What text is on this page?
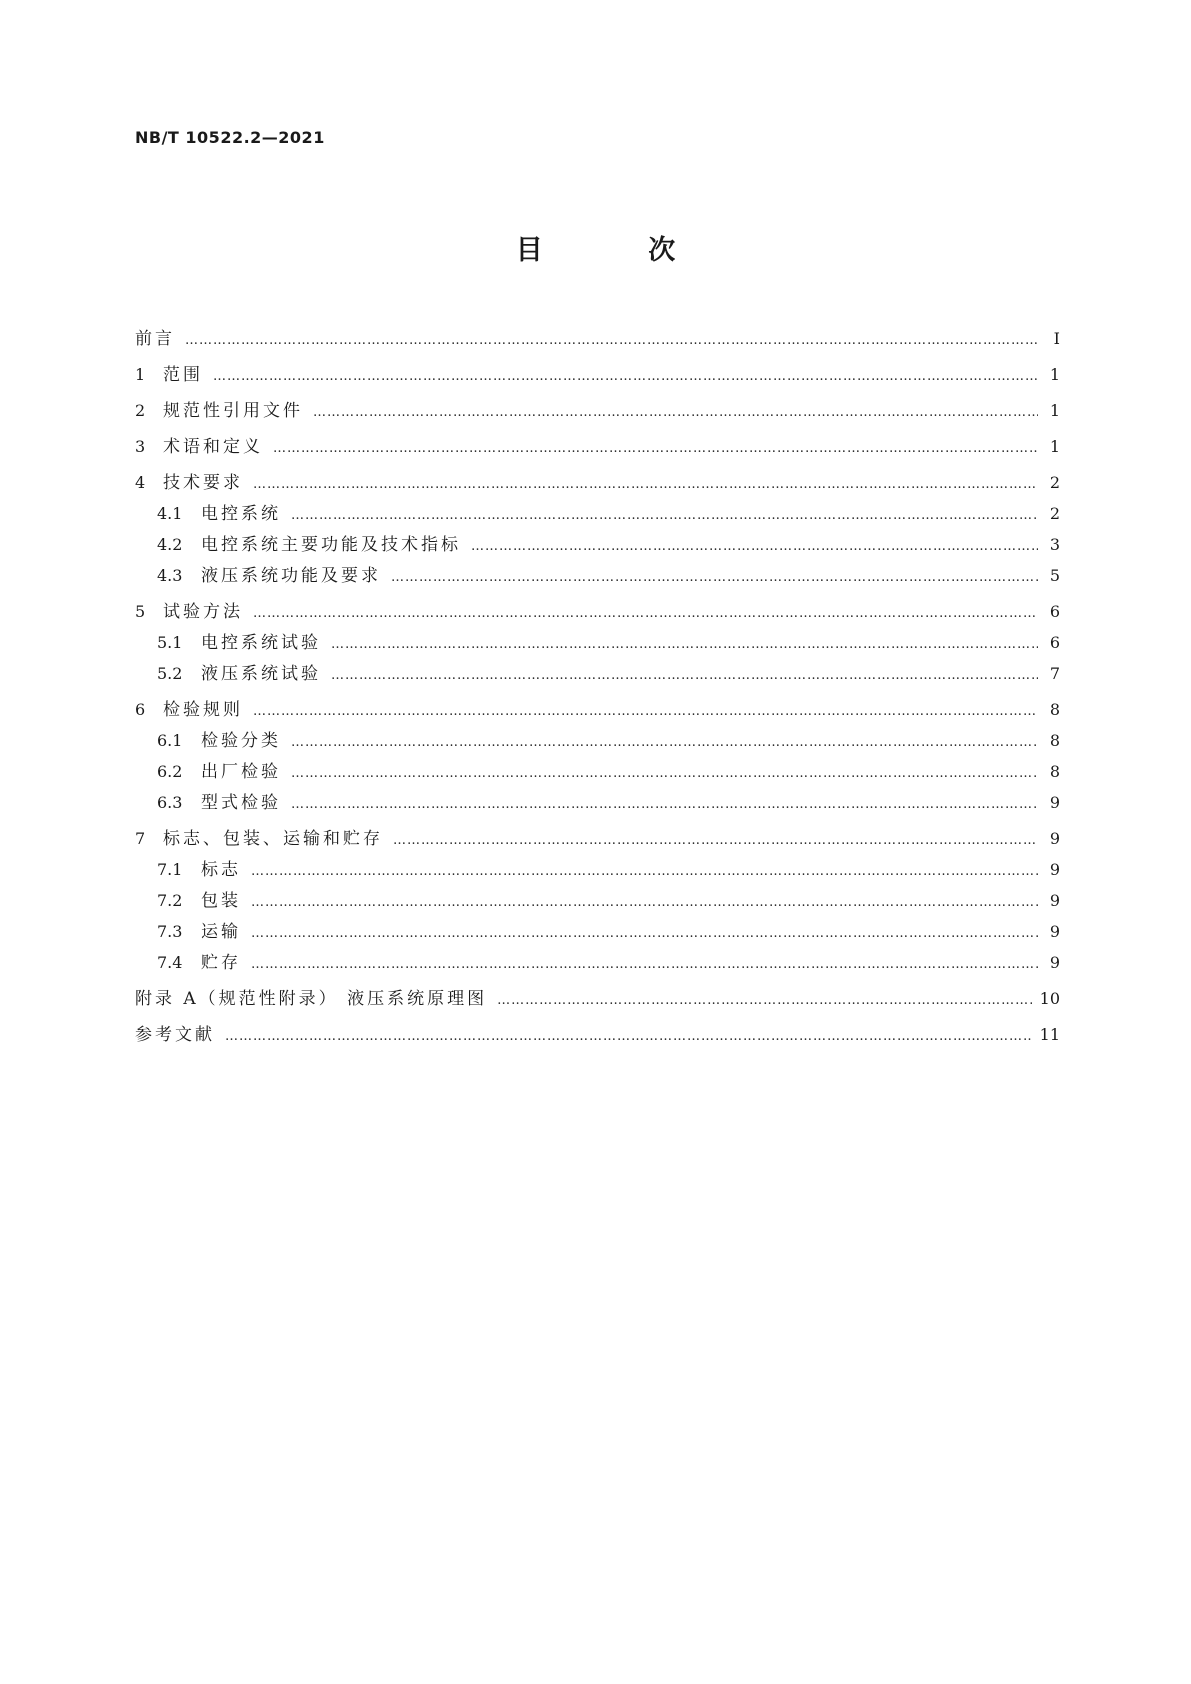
NB/T 10522.2—2021
目 次
前言 …………………………………………………………………………………………………………………………………………………………………………………………………………………………………………………………………………	I
1	范围 …………………………………………………………………………………………………………………………………………………………………………………………………………………………………………………………………………	1
2	规范性引用文件 …………………………………………………………………………………………………………………………………………………………………………………………………………………………………………………………………………	1
3	术语和定义 …………………………………………………………………………………………………………………………………………………………………………………………………………………………………………………………………………	1
4	技术要求 …………………………………………………………………………………………………………………………………………………………………………………………………………………………………………………………………………	2
4.1	电控系统 …………………………………………………………………………………………………………………………………………………………………………………………………………………………………………………………………………	2
4.2	电控系统主要功能及技术指标 …………………………………………………………………………………………………………………………………………………………………………………………………………………………………………………………………………	3
4.3	液压系统功能及要求 …………………………………………………………………………………………………………………………………………………………………………………………………………………………………………………………………………	5
5	试验方法 …………………………………………………………………………………………………………………………………………………………………………………………………………………………………………………………………………	6
5.1	电控系统试验 …………………………………………………………………………………………………………………………………………………………………………………………………………………………………………………………………………	6
5.2	液压系统试验 …………………………………………………………………………………………………………………………………………………………………………………………………………………………………………………………………………	7
6	检验规则 …………………………………………………………………………………………………………………………………………………………………………………………………………………………………………………………………………	8
6.1	检验分类 …………………………………………………………………………………………………………………………………………………………………………………………………………………………………………………………………………	8
6.2	出厂检验 …………………………………………………………………………………………………………………………………………………………………………………………………………………………………………………………………………	8
6.3	型式检验 …………………………………………………………………………………………………………………………………………………………………………………………………………………………………………………………………………	9
7	标志、包装、运输和贮存 …………………………………………………………………………………………………………………………………………………………………………………………………………………………………………………………………………	9
7.1	标志 …………………………………………………………………………………………………………………………………………………………………………………………………………………………………………………………………………	9
7.2	包装 …………………………………………………………………………………………………………………………………………………………………………………………………………………………………………………………………………	9
7.3	运输 …………………………………………………………………………………………………………………………………………………………………………………………………………………………………………………………………………	9
7.4	贮存 …………………………………………………………………………………………………………………………………………………………………………………………………………………………………………………………………………	9
附录 A（规范性附录） 液压系统原理图 …………………………………………………………………………………………………………………………………………………………………………………………………………………………………………………………………………	10
参考文献 …………………………………………………………………………………………………………………………………………………………………………………………………………………………………………………………………………	11
